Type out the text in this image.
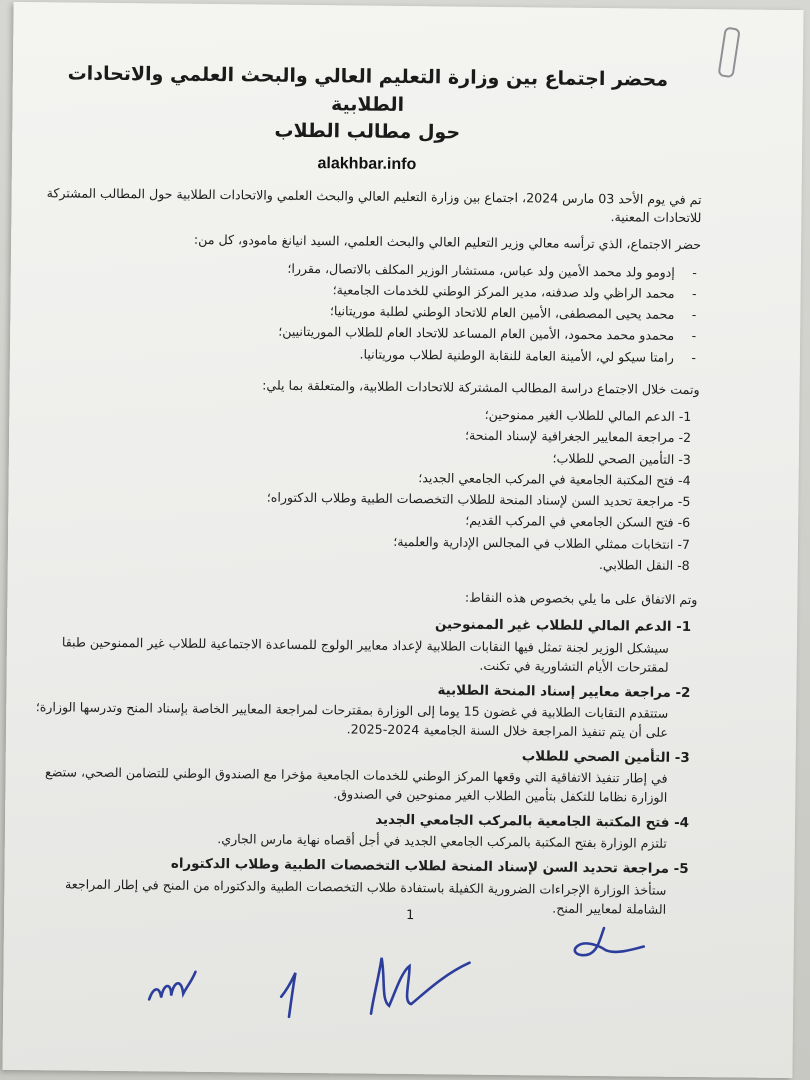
محضر اجتماع بين وزارة التعليم العالي والبحث العلمي والاتحادات الطلابية
حول مطالب الطلاب
alakhbar.info

تم في يوم الأحد 03 مارس 2024، اجتماع بين وزارة التعليم العالي والبحث العلمي والاتحادات الطلابية حول المطالب المشتركة للاتحادات المعنية.

حضر الاجتماع، الذي ترأسه معالي وزير التعليم العالي والبحث العلمي، السيد انيانغ مامودو، كل من:

- إدومو ولد محمد الأمين ولد عباس، مستشار الوزير المكلف بالاتصال، مقررا؛
- محمد الراظي ولد صدفنه، مدير المركز الوطني للخدمات الجامعية؛
- محمد يحيى المصطفى، الأمين العام للاتحاد الوطني لطلبة موريتانيا؛
- محمدو محمد محمود، الأمين العام المساعد للاتحاد العام للطلاب الموريتانيين؛
- رامتا سيكو لي، الأمينة العامة للنقابة الوطنية لطلاب موريتانيا.

وتمت خلال الاجتماع دراسة المطالب المشتركة للاتحادات الطلابية، والمتعلقة بما يلي:

1- الدعم المالي للطلاب الغير ممنوحين؛
2- مراجعة المعايير الجغرافية لإسناد المنحة؛
3- التأمين الصحي للطلاب؛
4- فتح المكتبة الجامعية في المركب الجامعي الجديد؛
5- مراجعة تحديد السن لإسناد المنحة للطلاب التخصصات الطبية وطلاب الدكتوراه؛
6- فتح السكن الجامعي في المركب القديم؛
7- انتخابات ممثلي الطلاب في المجالس الإدارية والعلمية؛
8- النقل الطلابي.

وتم الاتفاق على ما يلي بخصوص هذه النقاط:

1- الدعم المالي للطلاب غير الممنوحين
سيشكل الوزير لجنة تمثل فيها النقابات الطلابية لإعداد معايير الولوج للمساعدة الاجتماعية للطلاب غير الممنوحين طبقا لمقترحات الأيام التشاورية في تكنت.
2- مراجعة معايير إسناد المنحة الطلابية
ستتقدم النقابات الطلابية في غضون 15 يوما إلى الوزارة بمقترحات لمراجعة المعايير الخاصة بإسناد المنح وتدرسها الوزارة؛ على أن يتم تنفيذ المراجعة خلال السنة الجامعية 2024-2025.
3- التأمين الصحي للطلاب
في إطار تنفيذ الاتفاقية التي وقعها المركز الوطني للخدمات الجامعية مؤخرا مع الصندوق الوطني للتضامن الصحي، ستضع الوزارة نظاما للتكفل بتأمين الطلاب الغير ممنوحين في الصندوق.
4- فتح المكتبة الجامعية بالمركب الجامعي الجديد
تلتزم الوزارة بفتح المكتبة بالمركب الجامعي الجديد في أجل أقصاه نهاية مارس الجاري.
5- مراجعة تحديد السن لإسناد المنحة لطلاب التخصصات الطبية وطلاب الدكتوراه
ستأخذ الوزارة الإجراءات الضرورية الكفيلة باستفادة طلاب التخصصات الطبية والدكتوراه من المنح في إطار المراجعة الشاملة لمعايير المنح.
1
